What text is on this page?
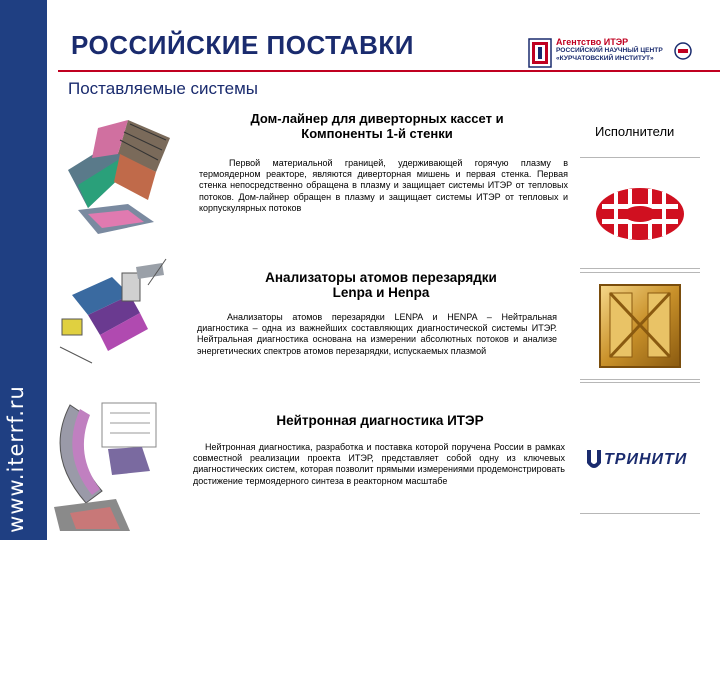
www.iterrf.ru
РОССИЙСКИЕ ПОСТАВКИ
Поставляемые системы
Агентство ИТЭР
РОССИЙСКИЙ НАУЧНЫЙ ЦЕНТР
«КУРЧАТОВСКИЙ ИНСТИТУТ»
Исполнители
ТРИНИТИ
Дом-лайнер для диверторных кассет и
Компоненты 1-й стенки
Первой материальной границей, удерживающей горячую плазму в термоядерном реакторе, являются диверторная мишень и первая стенка. Первая стенка непосредственно обращена в плазму и защищает системы ИТЭР от тепловых потоков. Дом-лайнер обращен в плазму и защищает системы ИТЭР от тепловых и корпускулярных потоков
Анализаторы атомов перезарядки
Lenpa и Henpa
Анализаторы атомов перезарядки LENPA и HENPA – Нейтральная диагностика – одна из важнейших составляющих диагностической системы ИТЭР. Нейтральная диагностика основана на измерении абсолютных потоков и анализе энергетических спектров атомов перезарядки, испускаемых плазмой
Нейтронная диагностика ИТЭР
Нейтронная диагностика, разработка и поставка которой поручена России в рамках совместной реализации проекта ИТЭР, представляет собой одну из ключевых диагностических систем, которая позволит прямыми измерениями продемонстрировать достижение термоядерного синтеза в реакторном масштабе
